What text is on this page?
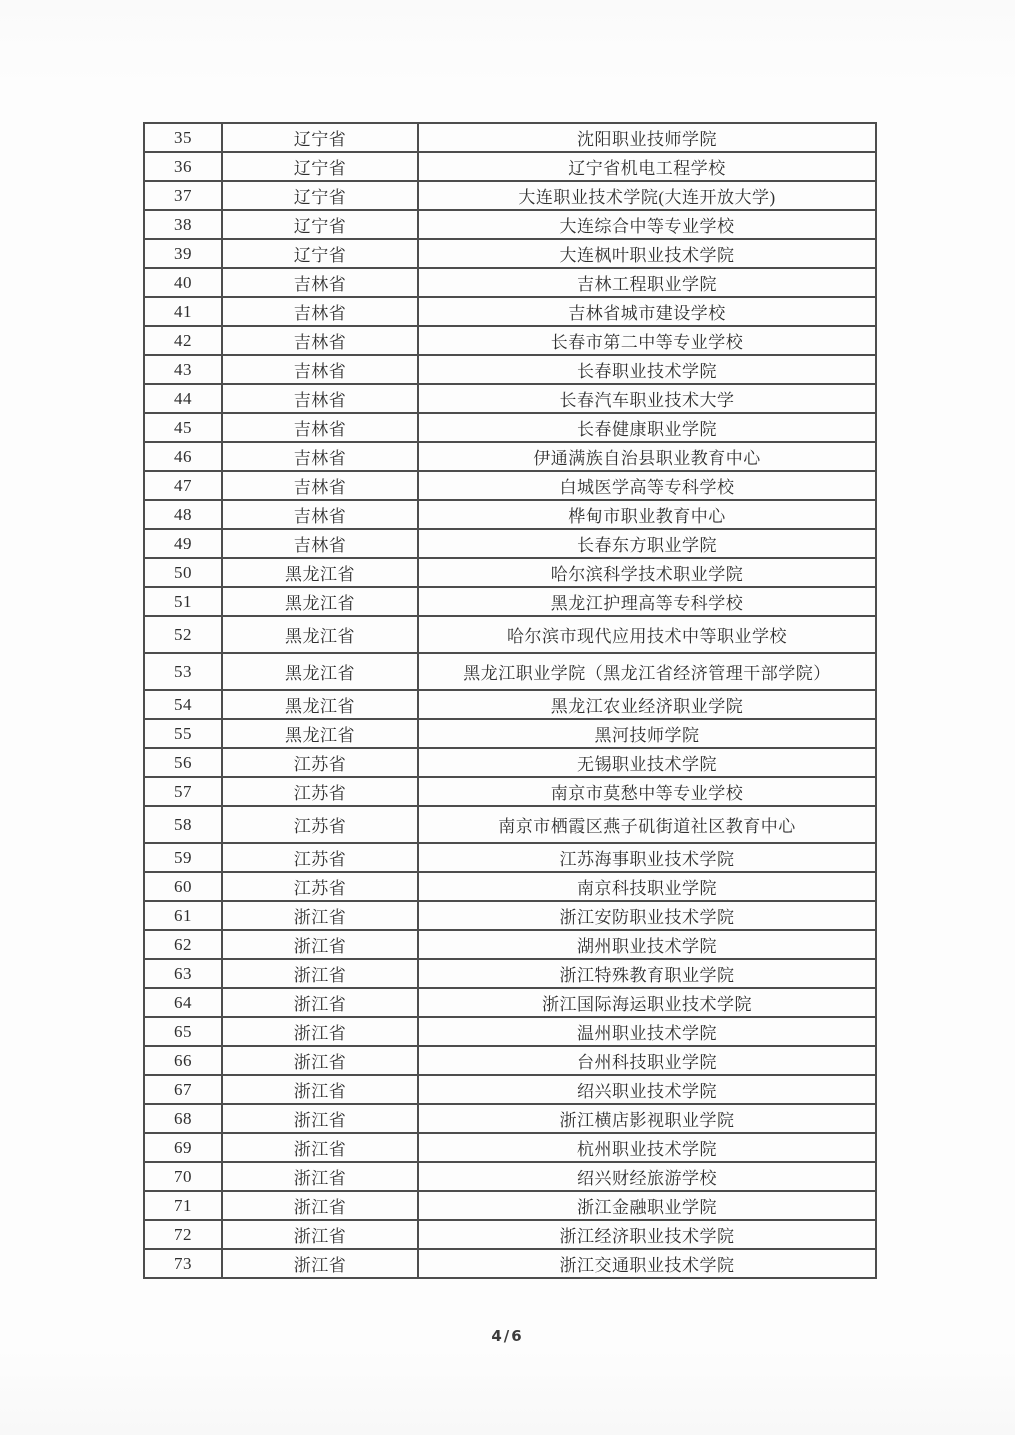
35	辽宁省	沈阳职业技师学院
36	辽宁省	辽宁省机电工程学校
37	辽宁省	大连职业技术学院(大连开放大学)
38	辽宁省	大连综合中等专业学校
39	辽宁省	大连枫叶职业技术学院
40	吉林省	吉林工程职业学院
41	吉林省	吉林省城市建设学校
42	吉林省	长春市第二中等专业学校
43	吉林省	长春职业技术学院
44	吉林省	长春汽车职业技术大学
45	吉林省	长春健康职业学院
46	吉林省	伊通满族自治县职业教育中心
47	吉林省	白城医学高等专科学校
48	吉林省	桦甸市职业教育中心
49	吉林省	长春东方职业学院
50	黑龙江省	哈尔滨科学技术职业学院
51	黑龙江省	黑龙江护理高等专科学校
52	黑龙江省	哈尔滨市现代应用技术中等职业学校
53	黑龙江省	黑龙江职业学院（黑龙江省经济管理干部学院）
54	黑龙江省	黑龙江农业经济职业学院
55	黑龙江省	黑河技师学院
56	江苏省	无锡职业技术学院
57	江苏省	南京市莫愁中等专业学校
58	江苏省	南京市栖霞区燕子矶街道社区教育中心
59	江苏省	江苏海事职业技术学院
60	江苏省	南京科技职业学院
61	浙江省	浙江安防职业技术学院
62	浙江省	湖州职业技术学院
63	浙江省	浙江特殊教育职业学院
64	浙江省	浙江国际海运职业技术学院
65	浙江省	温州职业技术学院
66	浙江省	台州科技职业学院
67	浙江省	绍兴职业技术学院
68	浙江省	浙江横店影视职业学院
69	浙江省	杭州职业技术学院
70	浙江省	绍兴财经旅游学校
71	浙江省	浙江金融职业学院
72	浙江省	浙江经济职业技术学院
73	浙江省	浙江交通职业技术学院
4/6
